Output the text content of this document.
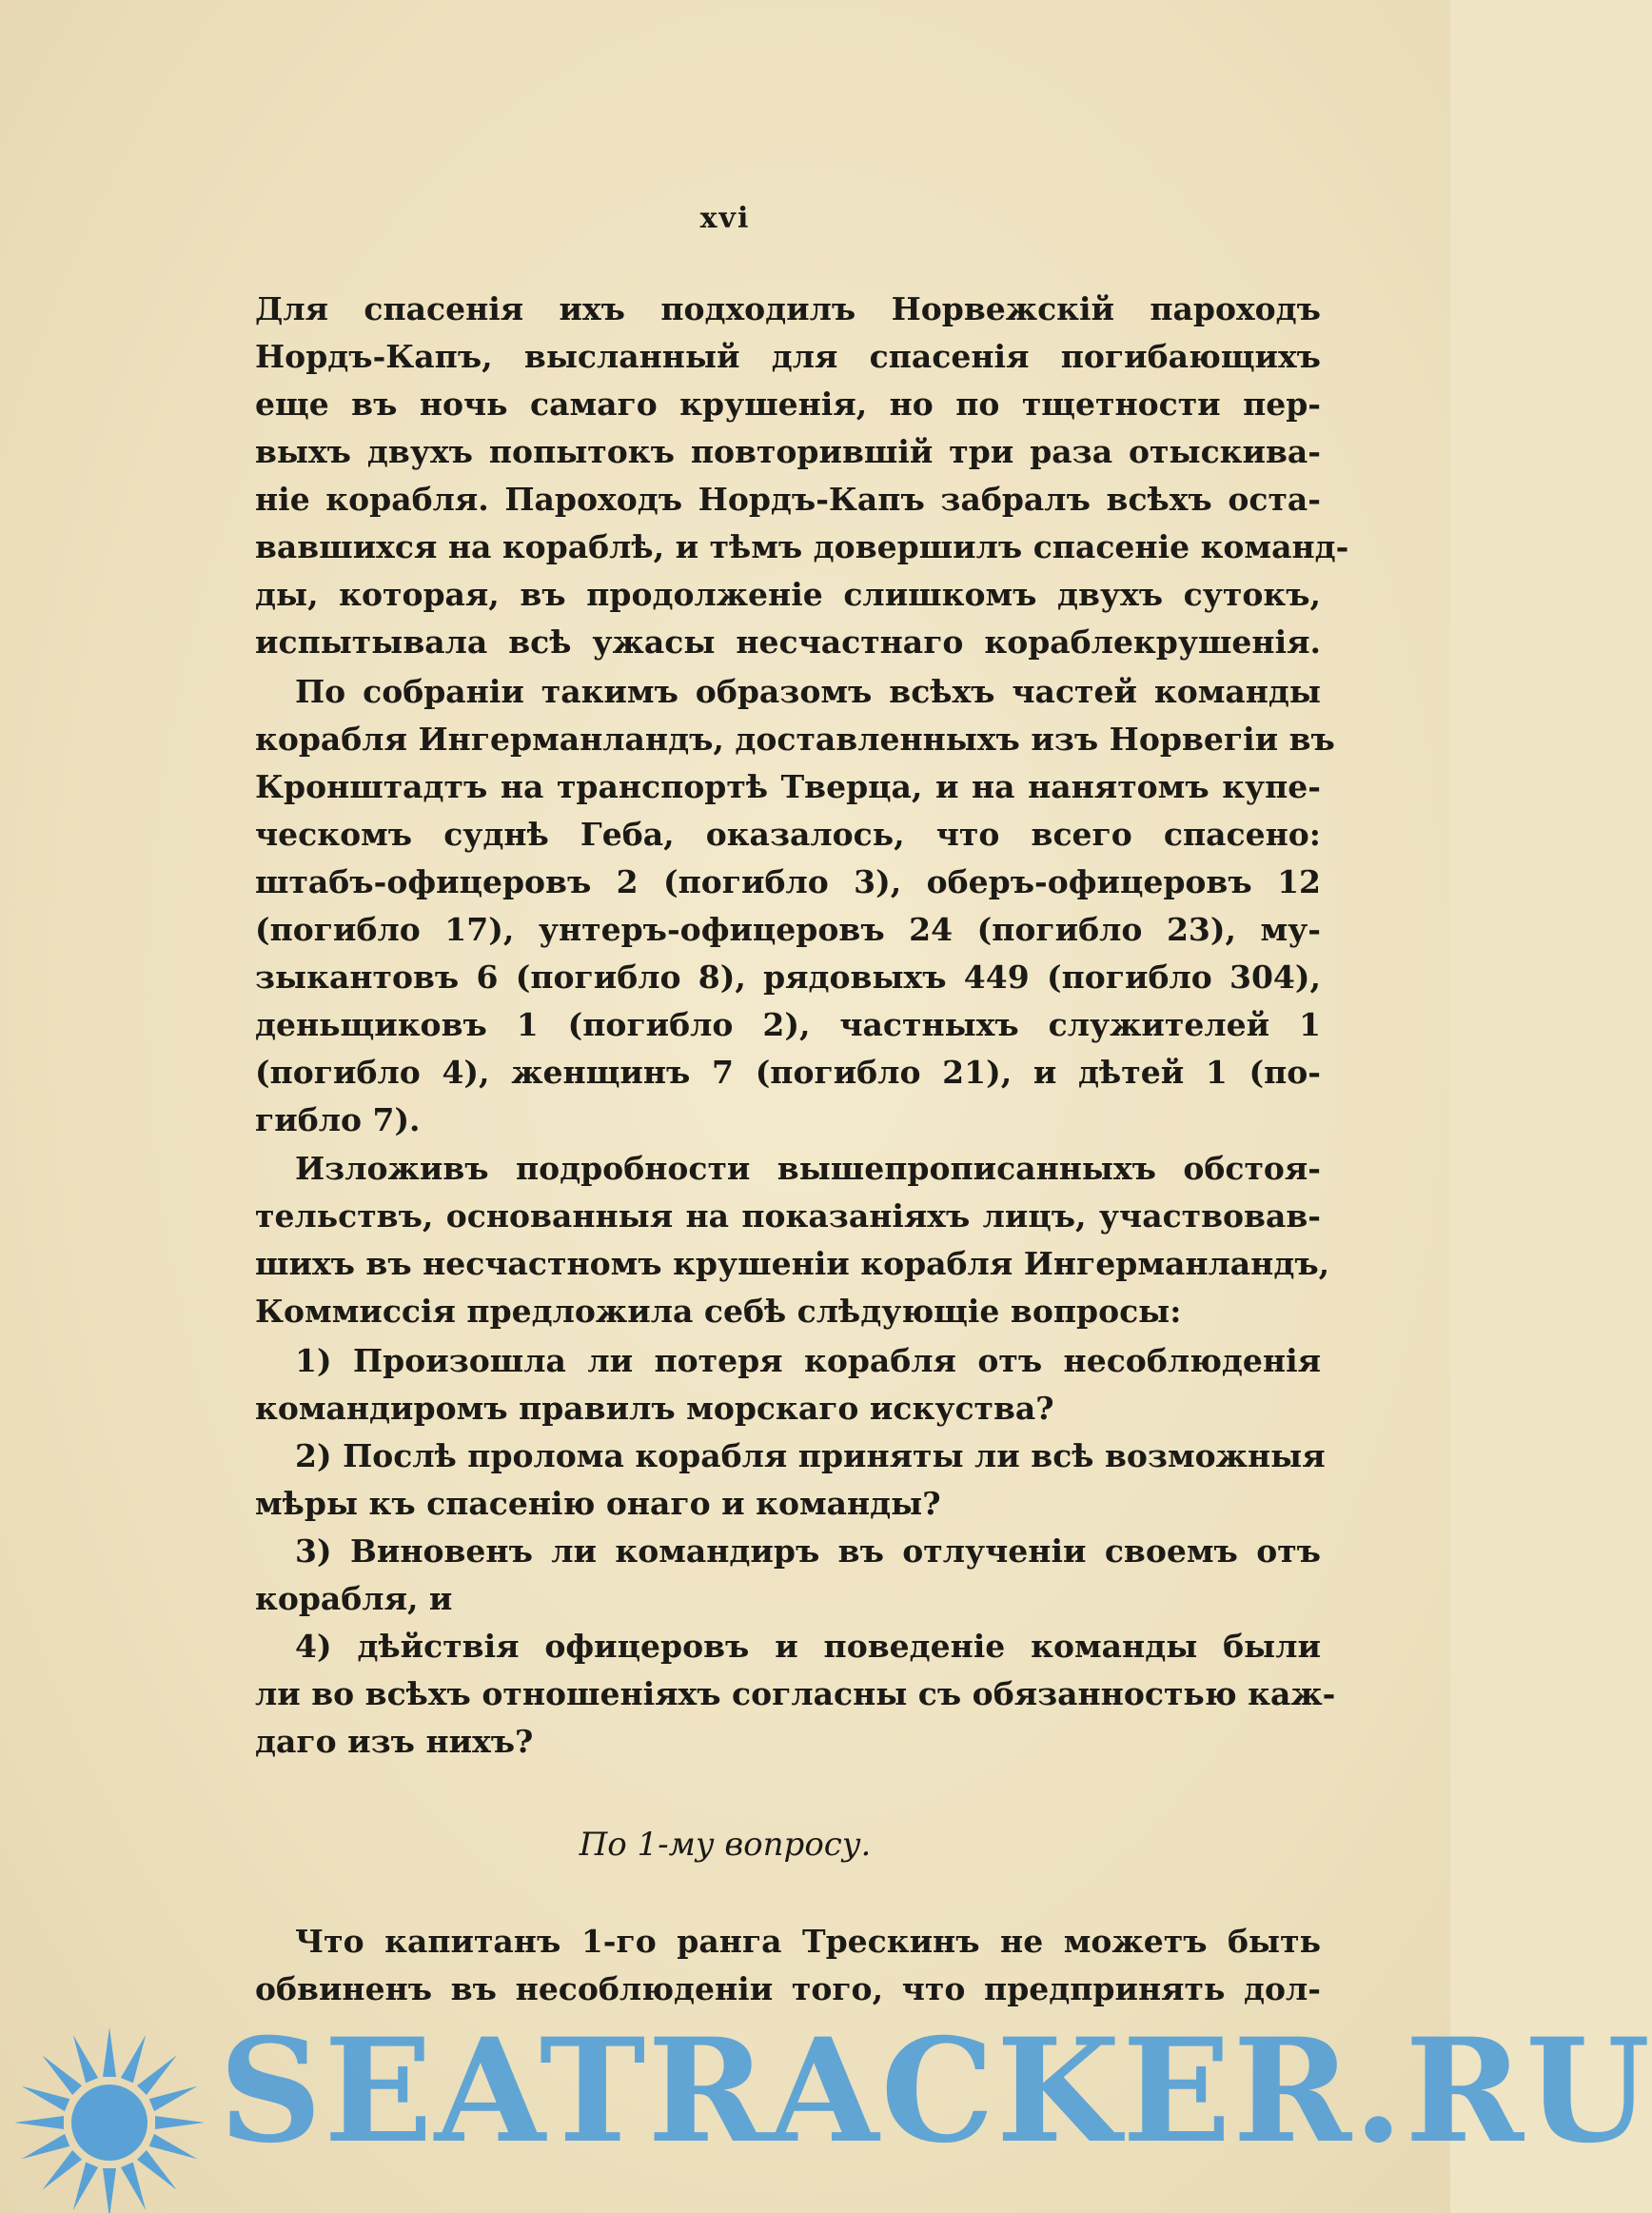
xvi
Для спасенія ихъ подходилъ Норвежскій пароходъ
Нордъ-Капъ, высланный для спасенія погибающихъ
еще въ ночь самаго крушенія, но по тщетности пер-
выхъ двухъ попытокъ повторившій три раза отыскива-
ніе корабля. Пароходъ Нордъ-Капъ забралъ всѣхъ оста-
вавшихся на кораблѣ, и тѣмъ довершилъ спасеніе команд-
ды, которая, въ продолженіе слишкомъ двухъ сутокъ,
испытывала всѣ ужасы несчастнаго кораблекрушенія.
По собраніи такимъ образомъ всѣхъ частей команды
корабля Ингерманландъ, доставленныхъ изъ Норвегіи въ
Кронштадтъ на транспортѣ Тверца, и на нанятомъ купе-
ческомъ суднѣ Геба, оказалось, что всего спасено:
штабъ-офицеровъ 2 (погибло 3), оберъ-офицеровъ 12
(погибло 17), унтеръ-офицеровъ 24 (погибло 23), му-
зыкантовъ 6 (погибло 8), рядовыхъ 449 (погибло 304),
деньщиковъ 1 (погибло 2), частныхъ служителей 1
(погибло 4), женщинъ 7 (погибло 21), и дѣтей 1 (по-
гибло 7).
Изложивъ подробности вышепрописанныхъ обстоя-
тельствъ, основанныя на показаніяхъ лицъ, участвовав-
шихъ въ несчастномъ крушеніи корабля Ингерманландъ,
Коммиссія предложила себѣ слѣдующіе вопросы:
1) Произошла ли потеря корабля отъ несоблюденія
командиромъ правилъ морскаго искуства?
2) Послѣ пролома корабля приняты ли всѣ возможныя
мѣры къ спасенію онаго и команды?
3) Виновенъ ли командиръ въ отлученіи своемъ отъ
корабля, и
4) дѣйствія офицеровъ и поведеніе команды были
ли во всѣхъ отношеніяхъ согласны съ обязанностью каж-
даго изъ нихъ?
По 1-му вопросу.
Что капитанъ 1-го ранга Трескинъ не можетъ быть
обвиненъ въ несоблюденіи того, что предпринять дол-
SEATRACKER.RU
